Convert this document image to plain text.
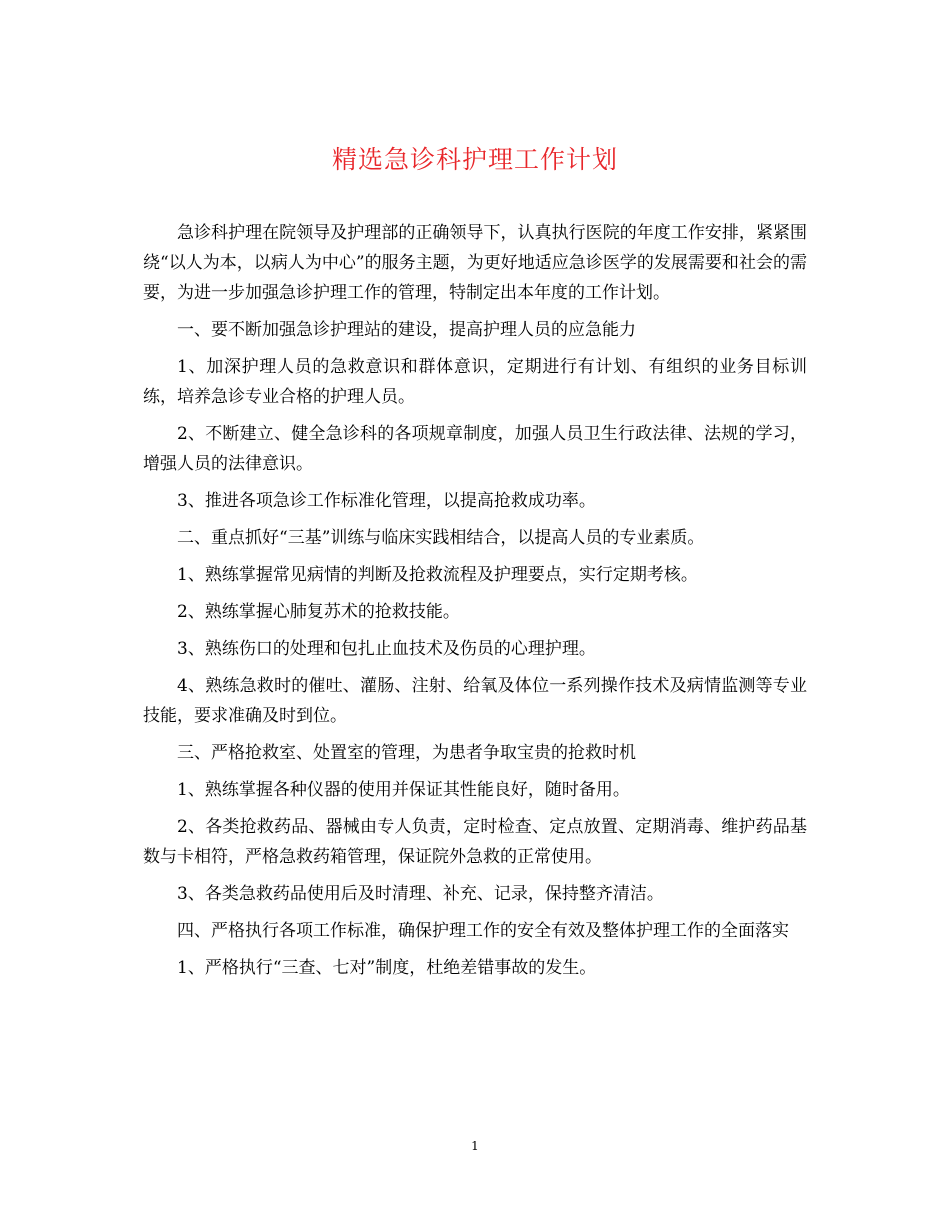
精选急诊科护理工作计划

急诊科护理在院领导及护理部的正确领导下，认真执行医院的年度工作安排，紧紧围绕“以人为本，以病人为中心”的服务主题，为更好地适应急诊医学的发展需要和社会的需要，为进一步加强急诊护理工作的管理，特制定出本年度的工作计划。

一、要不断加强急诊护理站的建设，提高护理人员的应急能力

1、加深护理人员的急救意识和群体意识，定期进行有计划、有组织的业务目标训练，培养急诊专业合格的护理人员。

2、不断建立、健全急诊科的各项规章制度，加强人员卫生行政法律、法规的学习，增强人员的法律意识。

3、推进各项急诊工作标准化管理，以提高抢救成功率。

二、重点抓好“三基”训练与临床实践相结合，以提高人员的专业素质。

1、熟练掌握常见病情的判断及抢救流程及护理要点，实行定期考核。

2、熟练掌握心肺复苏术的抢救技能。

3、熟练伤口的处理和包扎止血技术及伤员的心理护理。

4、熟练急救时的催吐、灌肠、注射、给氧及体位一系列操作技术及病情监测等专业技能，要求准确及时到位。

三、严格抢救室、处置室的管理，为患者争取宝贵的抢救时机

1、熟练掌握各种仪器的使用并保证其性能良好，随时备用。

2、各类抢救药品、器械由专人负责，定时检查、定点放置、定期消毒、维护药品基数与卡相符，严格急救药箱管理，保证院外急救的正常使用。

3、各类急救药品使用后及时清理、补充、记录，保持整齐清洁。

四、严格执行各项工作标准，确保护理工作的安全有效及整体护理工作的全面落实

1、严格执行“三查、七对”制度，杜绝差错事故的发生。

1
